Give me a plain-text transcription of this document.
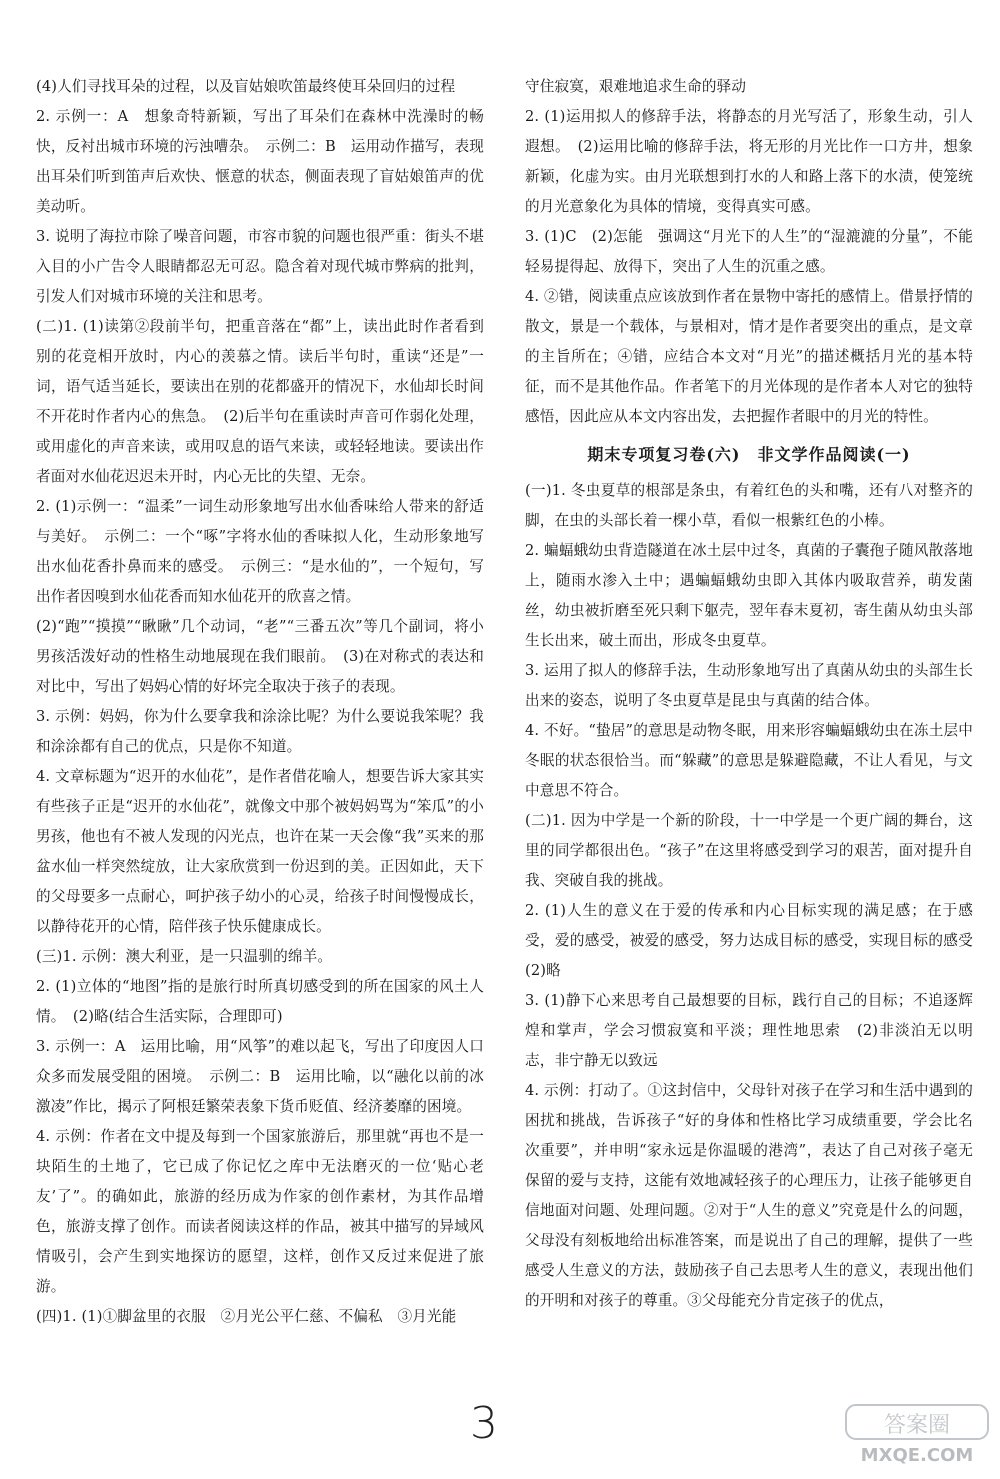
(4)人们寻找耳朵的过程，以及盲姑娘吹笛最终使耳朵回归的过程
2. 示例一：A　想象奇特新颖，写出了耳朵们在森林中洗澡时的畅快，反衬出城市环境的污浊嘈杂。　示例二：B　运用动作描写，表现出耳朵们听到笛声后欢快、惬意的状态，侧面表现了盲姑娘笛声的优美动听。
3. 说明了海拉市除了噪音问题，市容市貌的问题也很严重：街头不堪入目的小广告令人眼睛都忍无可忍。隐含着对现代城市弊病的批判，引发人们对城市环境的关注和思考。
(二)1. (1)读第②段前半句，把重音落在“都”上，读出此时作者看到别的花竞相开放时，内心的羡慕之情。读后半句时，重读“还是”一词，语气适当延长，要读出在别的花都盛开的情况下，水仙却长时间不开花时作者内心的焦急。　(2)后半句在重读时声音可作弱化处理，或用虚化的声音来读，或用叹息的语气来读，或轻轻地读。要读出作者面对水仙花迟迟未开时，内心无比的失望、无奈。
2. (1)示例一：“温柔”一词生动形象地写出水仙香味给人带来的舒适与美好。　示例二：一个“啄”字将水仙的香味拟人化，生动形象地写出水仙花香扑鼻而来的感受。　示例三：“是水仙的”，一个短句，写出作者因嗅到水仙花香而知水仙花开的欣喜之情。
(2)“跑”“摸摸”“瞅瞅”几个动词，“老”“三番五次”等几个副词，将小男孩活泼好动的性格生动地展现在我们眼前。　(3)在对称式的表达和对比中，写出了妈妈心情的好坏完全取决于孩子的表现。
3. 示例：妈妈，你为什么要拿我和涂涂比呢？为什么要说我笨呢？我和涂涂都有自己的优点，只是你不知道。
4. 文章标题为“迟开的水仙花”，是作者借花喻人，想要告诉大家其实有些孩子正是“迟开的水仙花”，就像文中那个被妈妈骂为“笨瓜”的小男孩，他也有不被人发现的闪光点，也许在某一天会像“我”买来的那盆水仙一样突然绽放，让大家欣赏到一份迟到的美。正因如此，天下的父母要多一点耐心，呵护孩子幼小的心灵，给孩子时间慢慢成长，以静待花开的心情，陪伴孩子快乐健康成长。
(三)1. 示例：澳大利亚，是一只温驯的绵羊。
2. (1)立体的“地图”指的是旅行时所真切感受到的所在国家的风土人情。　(2)略(结合生活实际，合理即可)
3. 示例一：A　运用比喻，用“风筝”的难以起飞，写出了印度因人口众多而发展受阻的困境。　示例二：B　运用比喻，以“融化以前的冰激凌”作比，揭示了阿根廷繁荣表象下货币贬值、经济萎靡的困境。
4. 示例：作者在文中提及每到一个国家旅游后，那里就“再也不是一块陌生的土地了，它已成了你记忆之库中无法磨灭的一位‘贴心老友’了”。的确如此，旅游的经历成为作家的创作素材，为其作品增色，旅游支撑了创作。而读者阅读这样的作品，被其中描写的异域风情吸引，会产生到实地探访的愿望，这样，创作又反过来促进了旅游。
(四)1. (1)①脚盆里的衣服　②月光公平仁慈、不偏私　③月光能
守住寂寞，艰难地追求生命的驿动
2. (1)运用拟人的修辞手法，将静态的月光写活了，形象生动，引人遐想。　(2)运用比喻的修辞手法，将无形的月光比作一口方井，想象新颖，化虚为实。由月光联想到打水的人和路上落下的水渍，使笼统的月光意象化为具体的情境，变得真实可感。
3. (1)C　(2)怎能　强调这“月光下的人生”的“湿漉漉的分量”，不能轻易提得起、放得下，突出了人生的沉重之感。
4. ②错，阅读重点应该放到作者在景物中寄托的感情上。借景抒情的散文，景是一个载体，与景相对，情才是作者要突出的重点，是文章的主旨所在；④错，应结合本文对“月光”的描述概括月光的基本特征，而不是其他作品。作者笔下的月光体现的是作者本人对它的独特感悟，因此应从本文内容出发，去把握作者眼中的月光的特性。
期末专项复习卷(六)　非文学作品阅读(一)
(一)1. 冬虫夏草的根部是条虫，有着红色的头和嘴，还有八对整齐的脚，在虫的头部长着一棵小草，看似一根紫红色的小棒。
2. 蝙蝠蛾幼虫背造隧道在冰土层中过冬，真菌的子囊孢子随风散落地上，随雨水渗入土中；遇蝙蝠蛾幼虫即入其体内吸取营养，萌发菌丝，幼虫被折磨至死只剩下躯壳，翌年春末夏初，寄生菌从幼虫头部生长出来，破土而出，形成冬虫夏草。
3. 运用了拟人的修辞手法，生动形象地写出了真菌从幼虫的头部生长出来的姿态，说明了冬虫夏草是昆虫与真菌的结合体。
4. 不好。“蛰居”的意思是动物冬眠，用来形容蝙蝠蛾幼虫在冻土层中冬眠的状态很恰当。而“躲藏”的意思是躲避隐藏，不让人看见，与文中意思不符合。
(二)1. 因为中学是一个新的阶段，十一中学是一个更广阔的舞台，这里的同学都很出色。“孩子”在这里将感受到学习的艰苦，面对提升自我、突破自我的挑战。
2. (1)人生的意义在于爱的传承和内心目标实现的满足感；在于感受，爱的感受，被爱的感受，努力达成目标的感受，实现目标的感受　(2)略
3. (1)静下心来思考自己最想要的目标，践行自己的目标；不追逐辉煌和掌声，学会习惯寂寞和平淡；理性地思索　(2)非淡泊无以明志，非宁静无以致远
4. 示例：打动了。①这封信中，父母针对孩子在学习和生活中遇到的困扰和挑战，告诉孩子“好的身体和性格比学习成绩重要，学会比名次重要”，并申明“家永远是你温暖的港湾”，表达了自己对孩子毫无保留的爱与支持，这能有效地减轻孩子的心理压力，让孩子能够更自信地面对问题、处理问题。②对于“人生的意义”究竟是什么的问题，父母没有刻板地给出标准答案，而是说出了自己的理解，提供了一些感受人生意义的方法，鼓励孩子自己去思考人生的意义，表现出他们的开明和对孩子的尊重。③父母能充分肯定孩子的优点，
3	答案圈
MXQE.COM
